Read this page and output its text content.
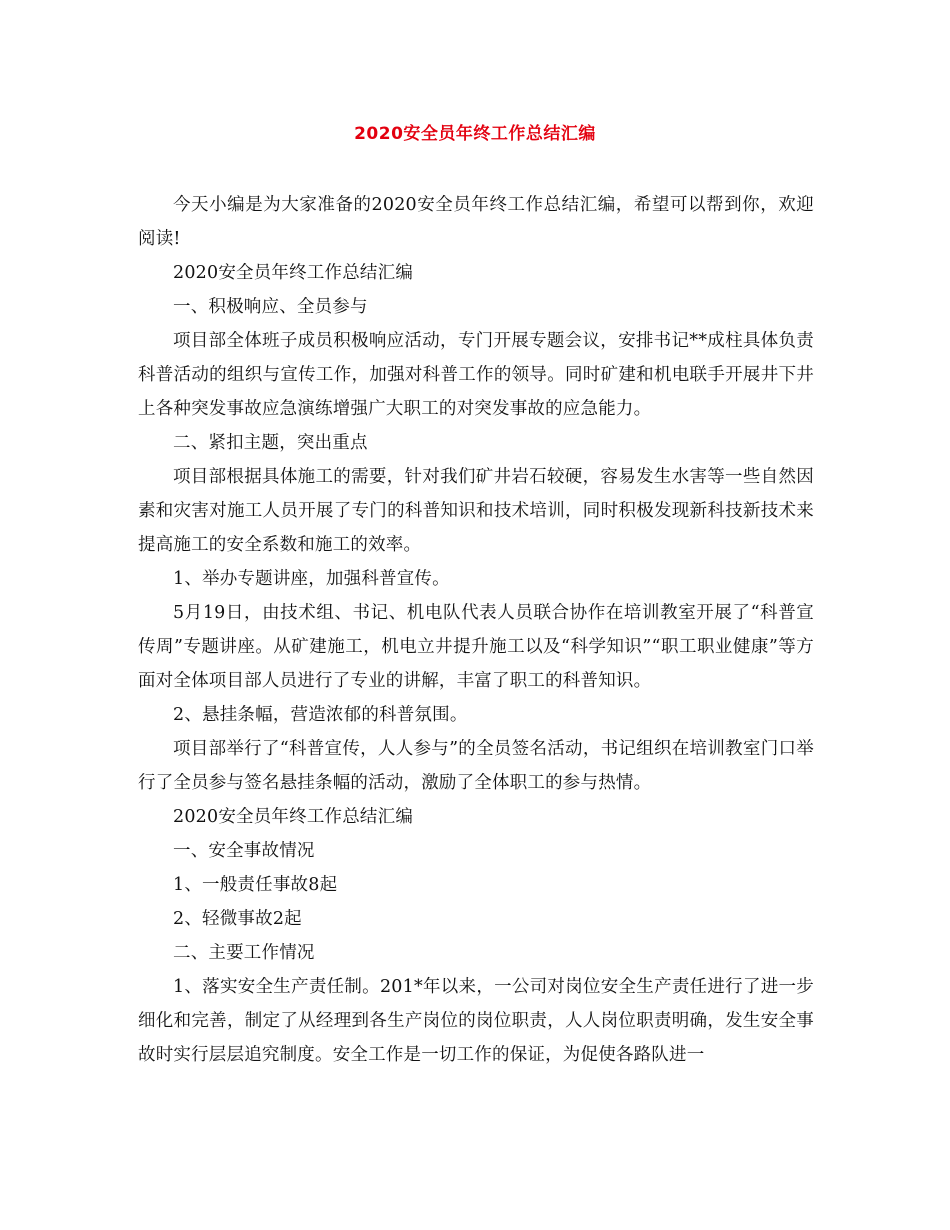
2020安全员年终工作总结汇编

今天小编是为大家准备的2020安全员年终工作总结汇编，希望可以帮到你，欢迎阅读!

2020安全员年终工作总结汇编

一、积极响应、全员参与

项目部全体班子成员积极响应活动，专门开展专题会议，安排书记**成柱具体负责科普活动的组织与宣传工作，加强对科普工作的领导。同时矿建和机电联手开展井下井上各种突发事故应急演练增强广大职工的对突发事故的应急能力。

二、紧扣主题，突出重点

项目部根据具体施工的需要，针对我们矿井岩石较硬，容易发生水害等一些自然因素和灾害对施工人员开展了专门的科普知识和技术培训，同时积极发现新科技新技术来提高施工的安全系数和施工的效率。

1、举办专题讲座，加强科普宣传。

5月19日，由技术组、书记、机电队代表人员联合协作在培训教室开展了“科普宣传周”专题讲座。从矿建施工，机电立井提升施工以及“科学知识”“职工职业健康”等方面对全体项目部人员进行了专业的讲解，丰富了职工的科普知识。

2、悬挂条幅，营造浓郁的科普氛围。

项目部举行了“科普宣传，人人参与”的全员签名活动，书记组织在培训教室门口举行了全员参与签名悬挂条幅的活动，激励了全体职工的参与热情。

2020安全员年终工作总结汇编

一、安全事故情况

1、一般责任事故8起

2、轻微事故2起

二、主要工作情况

1、落实安全生产责任制。201*年以来，一公司对岗位安全生产责任进行了进一步细化和完善，制定了从经理到各生产岗位的岗位职责，人人岗位职责明确，发生安全事故时实行层层追究制度。安全工作是一切工作的保证，为促使各路队进一
